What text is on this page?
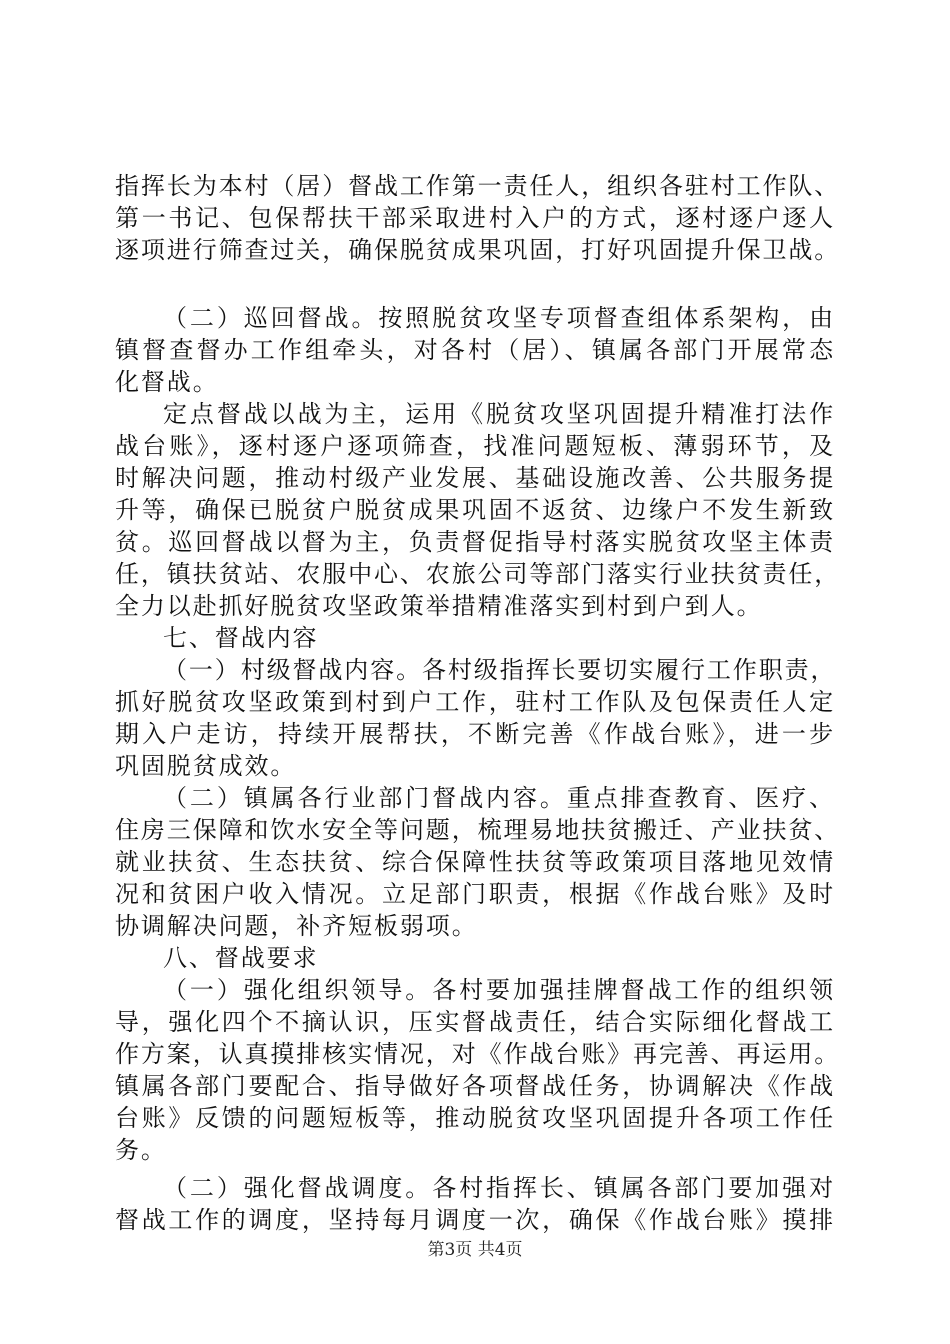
指挥长为本村（居）督战工作第一责任人，组织各驻村工作队、
第一书记、包保帮扶干部采取进村入户的方式，逐村逐户逐人
逐项进行筛查过关，确保脱贫成果巩固，打好巩固提升保卫战。
（二）巡回督战。按照脱贫攻坚专项督查组体系架构，由
镇督查督办工作组牵头，对各村（居）、镇属各部门开展常态
化督战。
定点督战以战为主，运用《脱贫攻坚巩固提升精准打法作
战台账》，逐村逐户逐项筛查，找准问题短板、薄弱环节，及
时解决问题，推动村级产业发展、基础设施改善、公共服务提
升等，确保已脱贫户脱贫成果巩固不返贫、边缘户不发生新致
贫。巡回督战以督为主，负责督促指导村落实脱贫攻坚主体责
任，镇扶贫站、农服中心、农旅公司等部门落实行业扶贫责任，
全力以赴抓好脱贫攻坚政策举措精准落实到村到户到人。
七、督战内容
（一）村级督战内容。各村级指挥长要切实履行工作职责，
抓好脱贫攻坚政策到村到户工作，驻村工作队及包保责任人定
期入户走访，持续开展帮扶，不断完善《作战台账》，进一步
巩固脱贫成效。
（二）镇属各行业部门督战内容。重点排查教育、医疗、
住房三保障和饮水安全等问题，梳理易地扶贫搬迁、产业扶贫、
就业扶贫、生态扶贫、综合保障性扶贫等政策项目落地见效情
况和贫困户收入情况。立足部门职责，根据《作战台账》及时
协调解决问题，补齐短板弱项。
八、督战要求
（一）强化组织领导。各村要加强挂牌督战工作的组织领
导，强化四个不摘认识，压实督战责任，结合实际细化督战工
作方案，认真摸排核实情况，对《作战台账》再完善、再运用。
镇属各部门要配合、指导做好各项督战任务，协调解决《作战
台账》反馈的问题短板等，推动脱贫攻坚巩固提升各项工作任
务。
（二）强化督战调度。各村指挥长、镇属各部门要加强对
督战工作的调度，坚持每月调度一次，确保《作战台账》摸排
第3页 共4页
